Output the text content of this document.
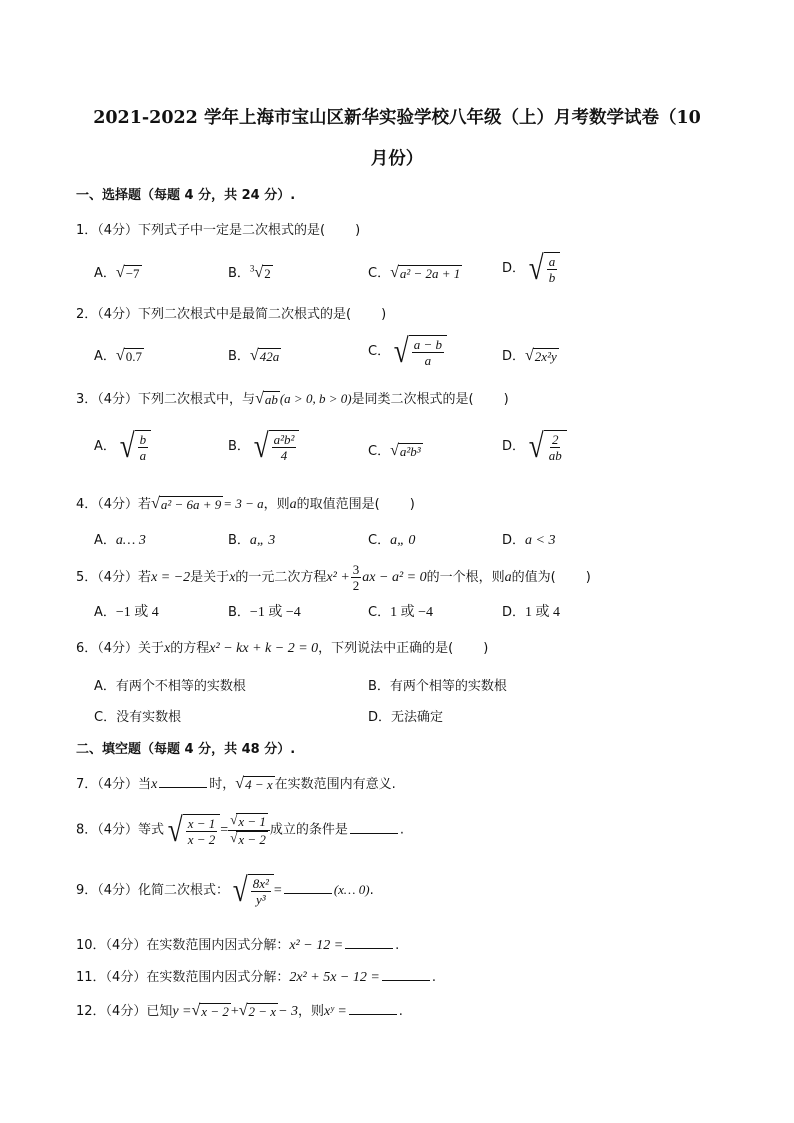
2021-2022 学年上海市宝山区新华实验学校八年级（上）月考数学试卷（10
月份）
一、选择题（每题 4 分，共 24 分）.
1．（4分）下列式子中一定是二次根式的是( )
A． √ −7	B．$^3$ √ 2	C． √ a² − 2a + 1	D． √ $\frac{a}{b}$
2．（4分）下列二次根式中是最简二次根式的是( )
A． √ 0.7	B． √ 42a	C． √ $\frac{a - b}{a}$	D． √ 2x²y
3．（4分）下列二次根式中，与 √ ab (a > 0, b > 0)是同类二次根式的是( )
A． √ $\frac{b}{a}$	B． √ $\frac{\text{a²b²}}{4}$	C． √ a²b³	D． √ $\frac{2}{ab}$
4．（4分）若 √ a² − 6a + 9 = 3 − a，则a的取值范围是( )
A．a… 3	B．a„ 3	C．a„ 0	D．a < 3
5．（4分）若x = −2是关于x的一元二次方程$x^2 + \frac{3}{2}$ ax − a² = 0的一个根，则a的值为( )
A．−1 或 4	B．−1 或 −4	C．1 或 −4	D．1 或 4
6．（4分）关于x的方程x² − kx + k − 2 = 0，下列说法中正确的是( )
A．有两个不相等的实数根	B．有两个相等的实数根
C．没有实数根	D．无法确定
二、填空题（每题 4 分，共 48 分）.
7．（4分）当x	时， √ 4 − x 在实数范围内有意义.
8．（4分）等式 √ $\frac{x - 1}{x - 2} = \frac{√ x - 1}{√ x - 2}$ 成立的条件是	.
9．（4分）化简二次根式： √ $\frac{\text{8x²}}{\text{y³}}$ =	(x… 0).
10．（4分）在实数范围内因式分解：x² − 12 =	.
11．（4分）在实数范围内因式分解：2x² + 5x − 12 =	.
12．（4分）已知y = √ x − 2 + √ 2 − x − 3，则xʸ =	.
